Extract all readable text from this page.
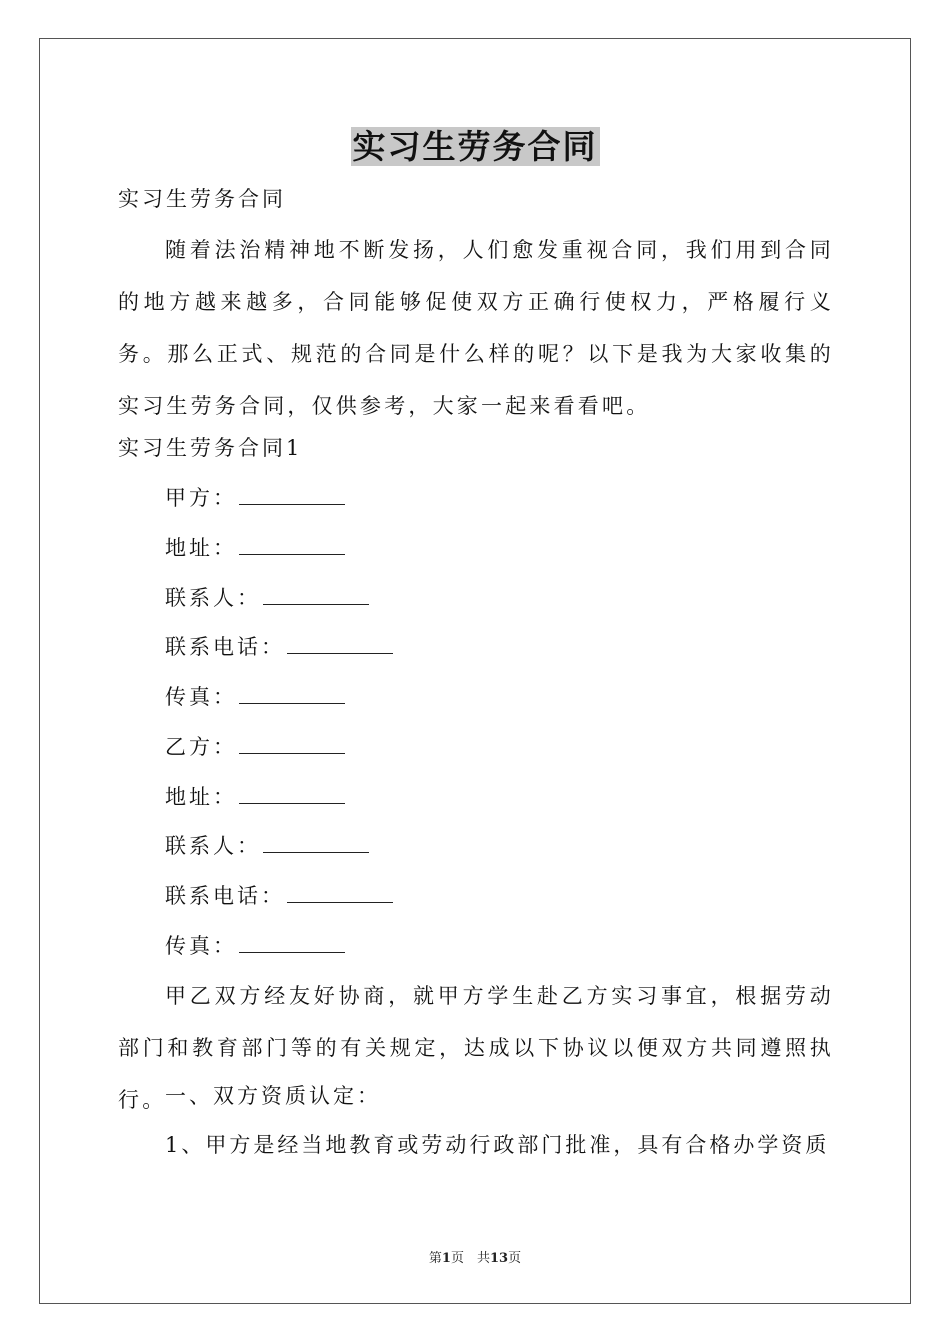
实习生劳务合同
实习生劳务合同

随着法治精神地不断发扬，人们愈发重视合同，我们用到合同的地方越来越多，合同能够促使双方正确行使权力，严格履行义务。那么正式、规范的合同是什么样的呢？以下是我为大家收集的实习生劳务合同，仅供参考，大家一起来看看吧。

实习生劳务合同1
甲方：
地址：
联系人：
联系电话：
传真：
乙方：
地址：
联系人：
联系电话：
传真：

甲乙双方经友好协商，就甲方学生赴乙方实习事宜，根据劳动部门和教育部门等的有关规定，达成以下协议以便双方共同遵照执行。

一、双方资质认定：
1、甲方是经当地教育或劳动行政部门批准，具有合格办学资质
第1页　共13页
